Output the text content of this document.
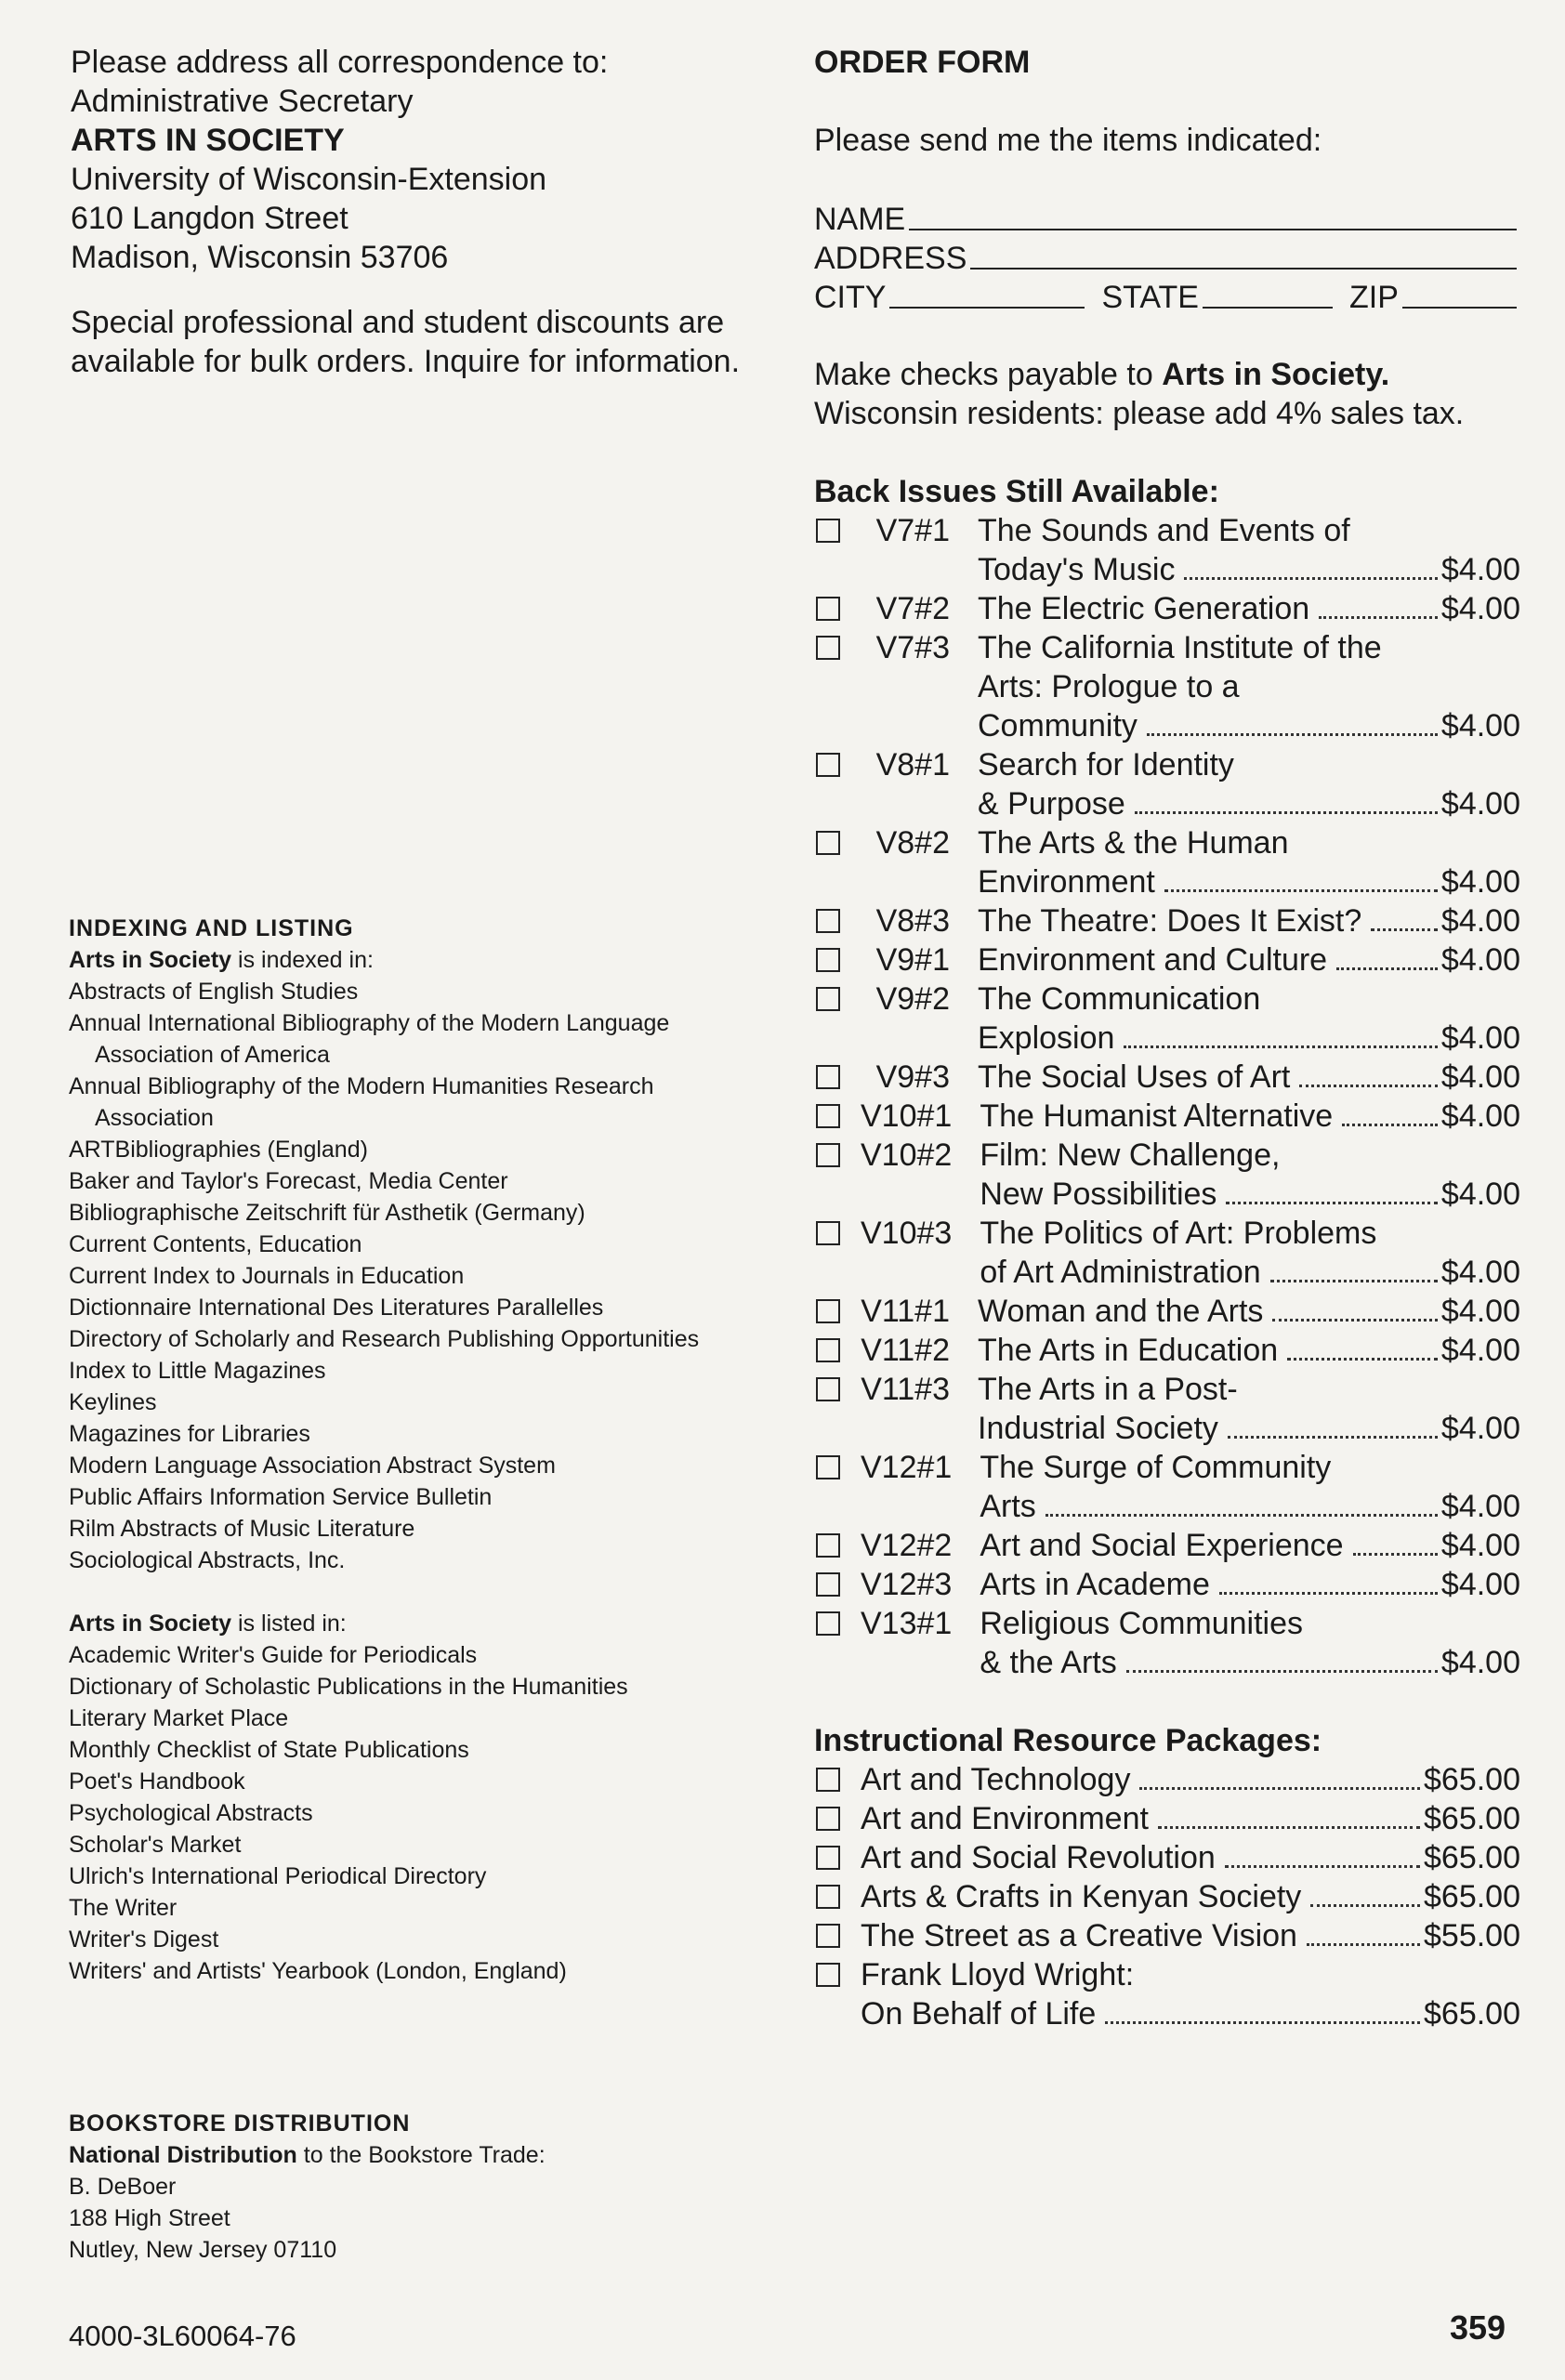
Please address all correspondence to:
Administrative Secretary
ARTS IN SOCIETY
University of Wisconsin-Extension
610 Langdon Street
Madison, Wisconsin 53706
Special professional and student discounts are available for bulk orders. Inquire for information.
INDEXING AND LISTING
Arts in Society is indexed in:
Abstracts of English Studies
Annual International Bibliography of the Modern Language Association of America
Annual Bibliography of the Modern Humanities Research Association
ARTBibliographies (England)
Baker and Taylor's Forecast, Media Center
Bibliographische Zeitschrift für Asthetik (Germany)
Current Contents, Education
Current Index to Journals in Education
Dictionnaire International Des Literatures Parallelles
Directory of Scholarly and Research Publishing Opportunities
Index to Little Magazines
Keylines
Magazines for Libraries
Modern Language Association Abstract System
Public Affairs Information Service Bulletin
Rilm Abstracts of Music Literature
Sociological Abstracts, Inc.
Arts in Society is listed in:
Academic Writer's Guide for Periodicals
Dictionary of Scholastic Publications in the Humanities
Literary Market Place
Monthly Checklist of State Publications
Poet's Handbook
Psychological Abstracts
Scholar's Market
Ulrich's International Periodical Directory
The Writer
Writer's Digest
Writers' and Artists' Yearbook (London, England)
BOOKSTORE DISTRIBUTION
National Distribution to the Bookstore Trade:
B. DeBoer
188 High Street
Nutley, New Jersey 07110
4000-3L60064-76
ORDER FORM
Please send me the items indicated:
NAME
ADDRESS
CITY	STATE	ZIP
Make checks payable to Arts in Society.
Wisconsin residents: please add 4% sales tax.
Back Issues Still Available:
V7#1 The Sounds and Events of
Today's Music	$4.00
V7#2 The Electric Generation	$4.00
V7#3 The California Institute of the
Arts: Prologue to a
Community	$4.00
V8#1 Search for Identity
& Purpose	$4.00
V8#2 The Arts & the Human
Environment	$4.00
V8#3 The Theatre: Does It Exist?	$4.00
V9#1 Environment and Culture	$4.00
V9#2 The Communication
Explosion	$4.00
V9#3 The Social Uses of Art	$4.00
V10#1 The Humanist Alternative	$4.00
V10#2 Film: New Challenge,
New Possibilities	$4.00
V10#3 The Politics of Art: Problems
of Art Administration	$4.00
V11#1 Woman and the Arts	$4.00
V11#2 The Arts in Education	$4.00
V11#3 The Arts in a Post-
Industrial Society	$4.00
V12#1 The Surge of Community
Arts	$4.00
V12#2 Art and Social Experience	$4.00
V12#3 Arts in Academe	$4.00
V13#1 Religious Communities
& the Arts	$4.00
Instructional Resource Packages:
Art and Technology	$65.00
Art and Environment	$65.00
Art and Social Revolution	$65.00
Arts & Crafts in Kenyan Society	$65.00
The Street as a Creative Vision	$55.00
Frank Lloyd Wright:
On Behalf of Life	$65.00
359
